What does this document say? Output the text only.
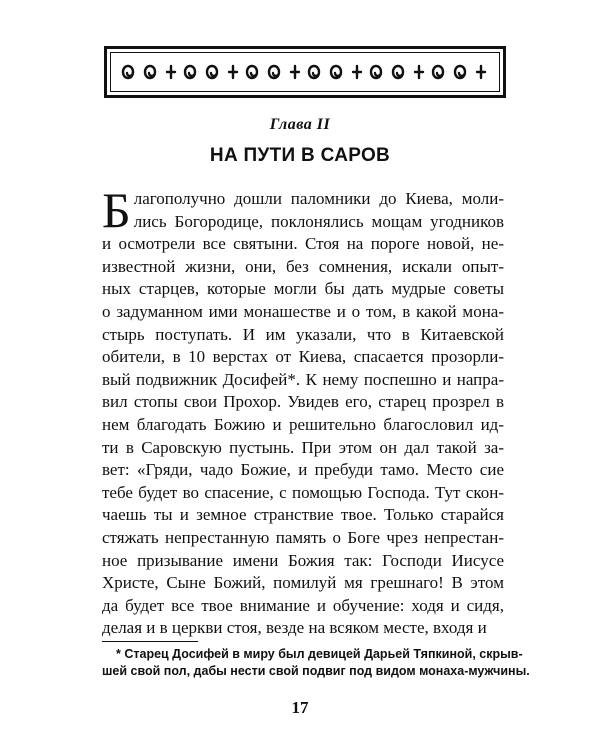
Глава II
НА ПУТИ В САРОВ
Б лагополучно дошли паломники до Киева, моли-
лись Богородице, поклонялись мощам угодников
и осмотрели все святыни. Стоя на пороге новой, не-
известной жизни, они, без сомнения, искали опыт-
ных старцев, которые могли бы дать мудрые советы
о задуманном ими монашестве и о том, в какой мона-
стырь поступать. И им указали, что в Китаевской
обители, в 10 верстах от Киева, спасается прозорли-
вый подвижник Досифей*. К нему поспешно и напра-
вил стопы свои Прохор. Увидев его, старец прозрел в
нем благодать Божию и решительно благословил ид-
ти в Саровскую пустынь. При этом он дал такой за-
вет: «Гряди, чадо Божие, и пребуди тамо. Место сие
тебе будет во спасение, с помощью Господа. Тут скон-
чаешь ты и земное странствие твое. Только старайся
стяжать непрестанную память о Боге чрез непрестан-
ное призывание имени Божия так: Господи Иисусе
Христе, Сыне Божий, помилуй мя грешнаго! В этом
да будет все твое внимание и обучение: ходя и сидя,
делая и в церкви стоя, везде на всяком месте, входя и
* Старец Досифей в миру был девицей Дарьей Тяпкиной, скрыв-
шей свой пол, дабы нести свой подвиг под видом монаха-мужчины.
17
